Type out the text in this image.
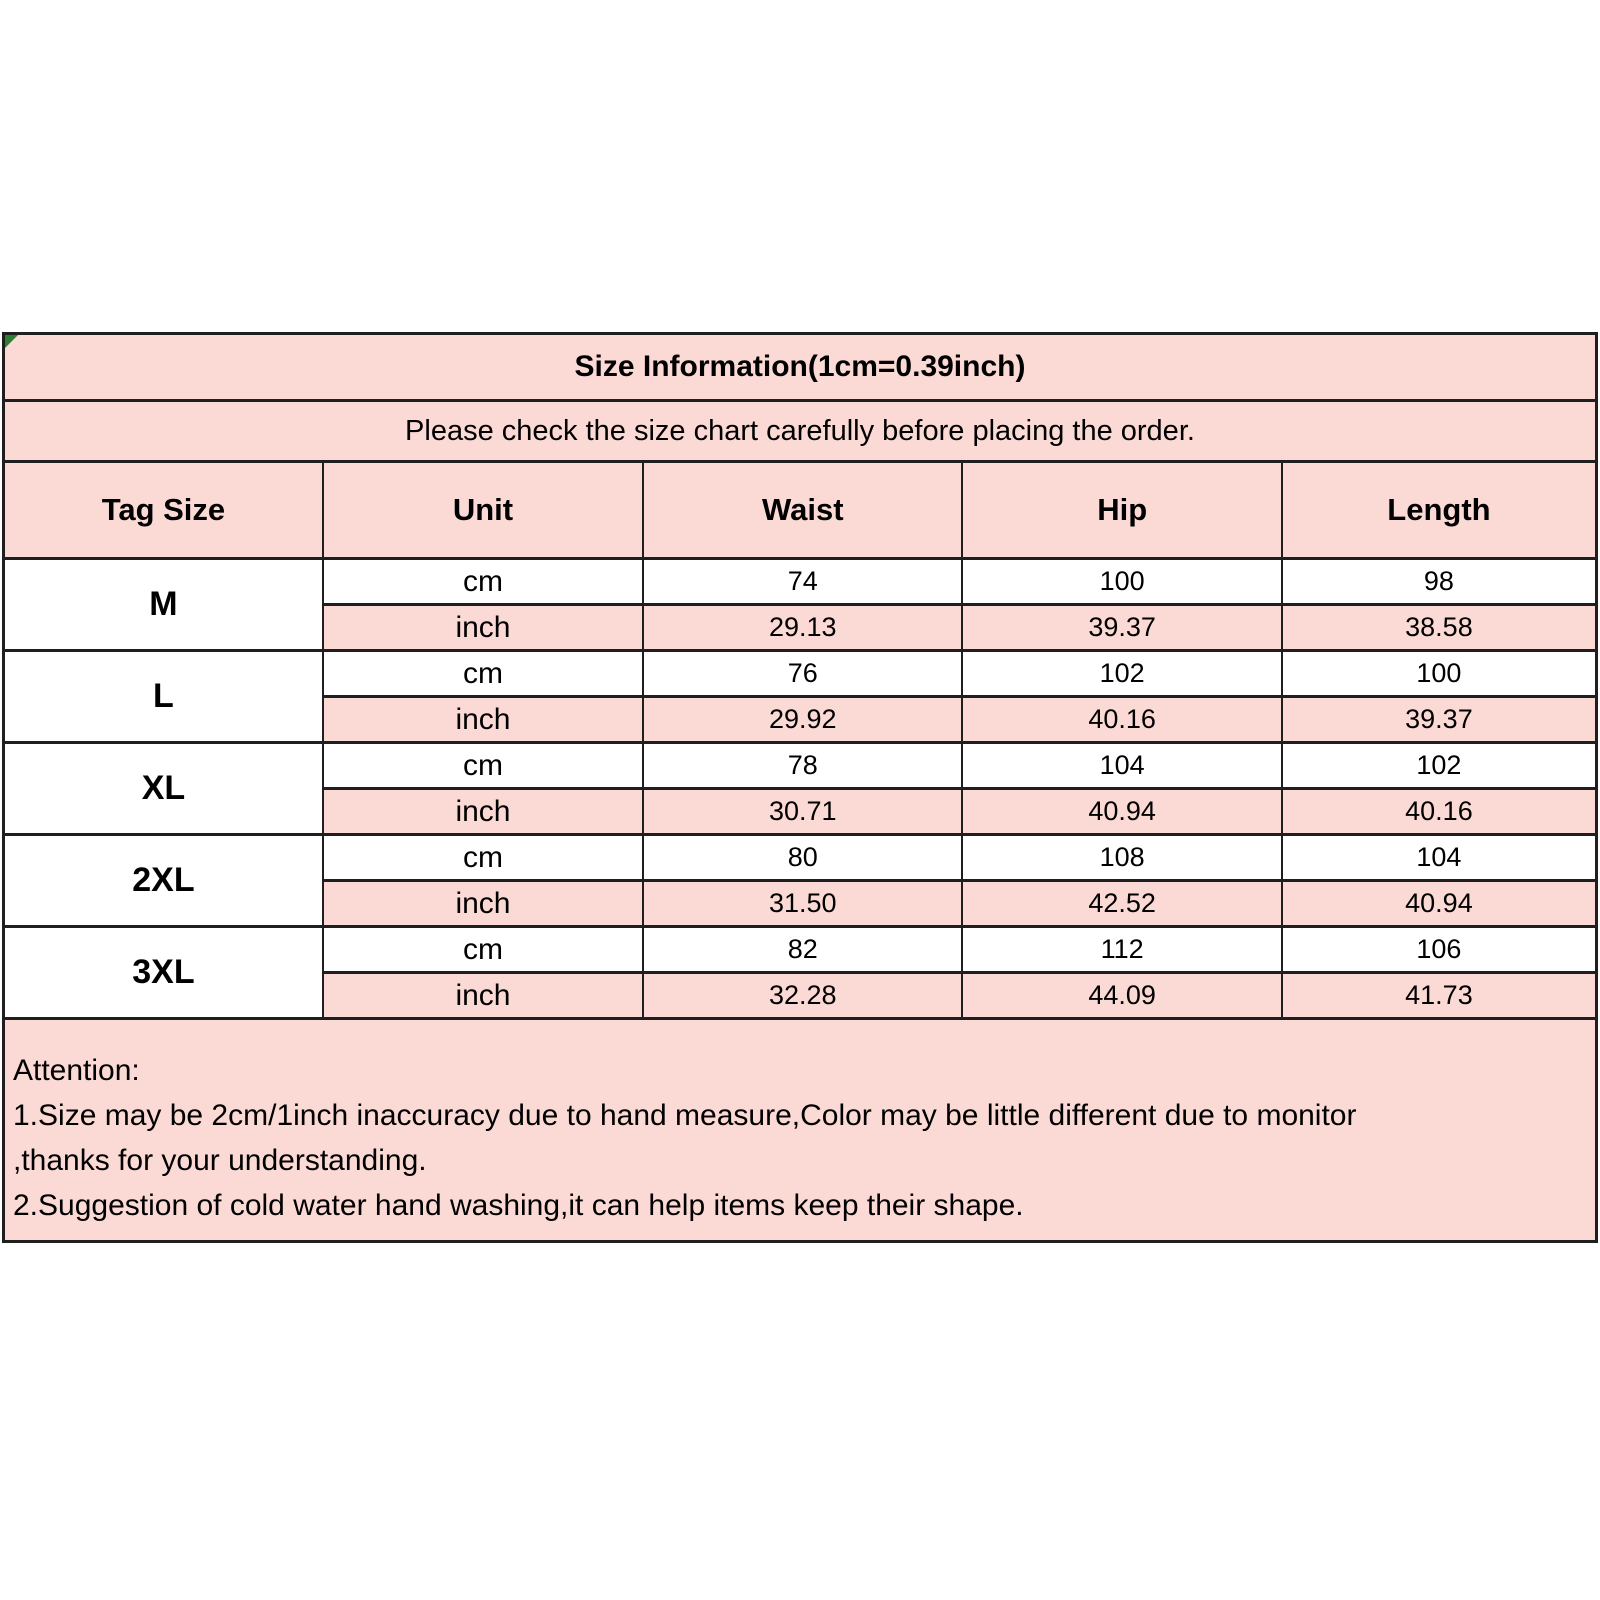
Size Information(1cm=0.39inch)				
Please check the size chart carefully before placing the order.				
Tag Size	Unit	Waist	Hip	Length
M	cm	74	100	98
	inch	29.13	39.37	38.58
L	cm	76	102	100
	inch	29.92	40.16	39.37
XL	cm	78	104	102
	inch	30.71	40.94	40.16
2XL	cm	80	108	104
	inch	31.50	42.52	40.94
3XL	cm	82	112	106
	inch	32.28	44.09	41.73

Attention:
1.Size may be 2cm/1inch inaccuracy due to hand measure,Color may be little different due to monitor
,thanks for your understanding.
2.Suggestion of cold water hand washing,it can help items keep their shape.				
